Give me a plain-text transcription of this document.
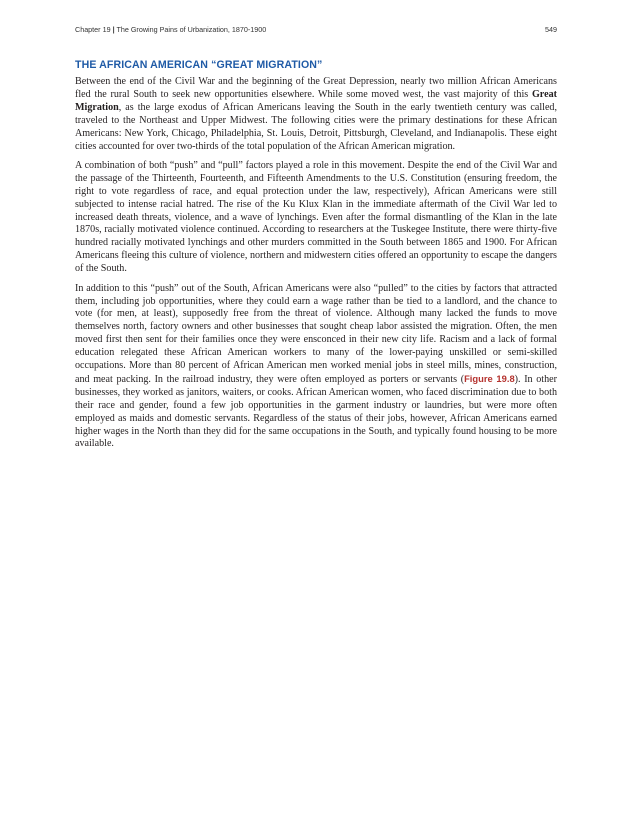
Chapter 19 | The Growing Pains of Urbanization, 1870-1900	549
THE AFRICAN AMERICAN “GREAT MIGRATION”

Between the end of the Civil War and the beginning of the Great Depression, nearly two million African Americans fled the rural South to seek new opportunities elsewhere. While some moved west, the vast majority of this Great Migration, as the large exodus of African Americans leaving the South in the early twentieth century was called, traveled to the Northeast and Upper Midwest. The following cities were the primary destinations for these African Americans: New York, Chicago, Philadelphia, St. Louis, Detroit, Pittsburgh, Cleveland, and Indianapolis. These eight cities accounted for over two-thirds of the total population of the African American migration.

A combination of both “push” and “pull” factors played a role in this movement. Despite the end of the Civil War and the passage of the Thirteenth, Fourteenth, and Fifteenth Amendments to the U.S. Constitution (ensuring freedom, the right to vote regardless of race, and equal protection under the law, respectively), African Americans were still subjected to intense racial hatred. The rise of the Ku Klux Klan in the immediate aftermath of the Civil War led to increased death threats, violence, and a wave of lynchings. Even after the formal dismantling of the Klan in the late 1870s, racially motivated violence continued. According to researchers at the Tuskegee Institute, there were thirty-five hundred racially motivated lynchings and other murders committed in the South between 1865 and 1900. For African Americans fleeing this culture of violence, northern and midwestern cities offered an opportunity to escape the dangers of the South.

In addition to this “push” out of the South, African Americans were also “pulled” to the cities by factors that attracted them, including job opportunities, where they could earn a wage rather than be tied to a landlord, and the chance to vote (for men, at least), supposedly free from the threat of violence. Although many lacked the funds to move themselves north, factory owners and other businesses that sought cheap labor assisted the migration. Often, the men moved first then sent for their families once they were ensconced in their new city life. Racism and a lack of formal education relegated these African American workers to many of the lower-paying unskilled or semi-skilled occupations. More than 80 percent of African American men worked menial jobs in steel mills, mines, construction, and meat packing. In the railroad industry, they were often employed as porters or servants (Figure 19.8). In other businesses, they worked as janitors, waiters, or cooks. African American women, who faced discrimination due to both their race and gender, found a few job opportunities in the garment industry or laundries, but were more often employed as maids and domestic servants. Regardless of the status of their jobs, however, African Americans earned higher wages in the North than they did for the same occupations in the South, and typically found housing to be more available.
